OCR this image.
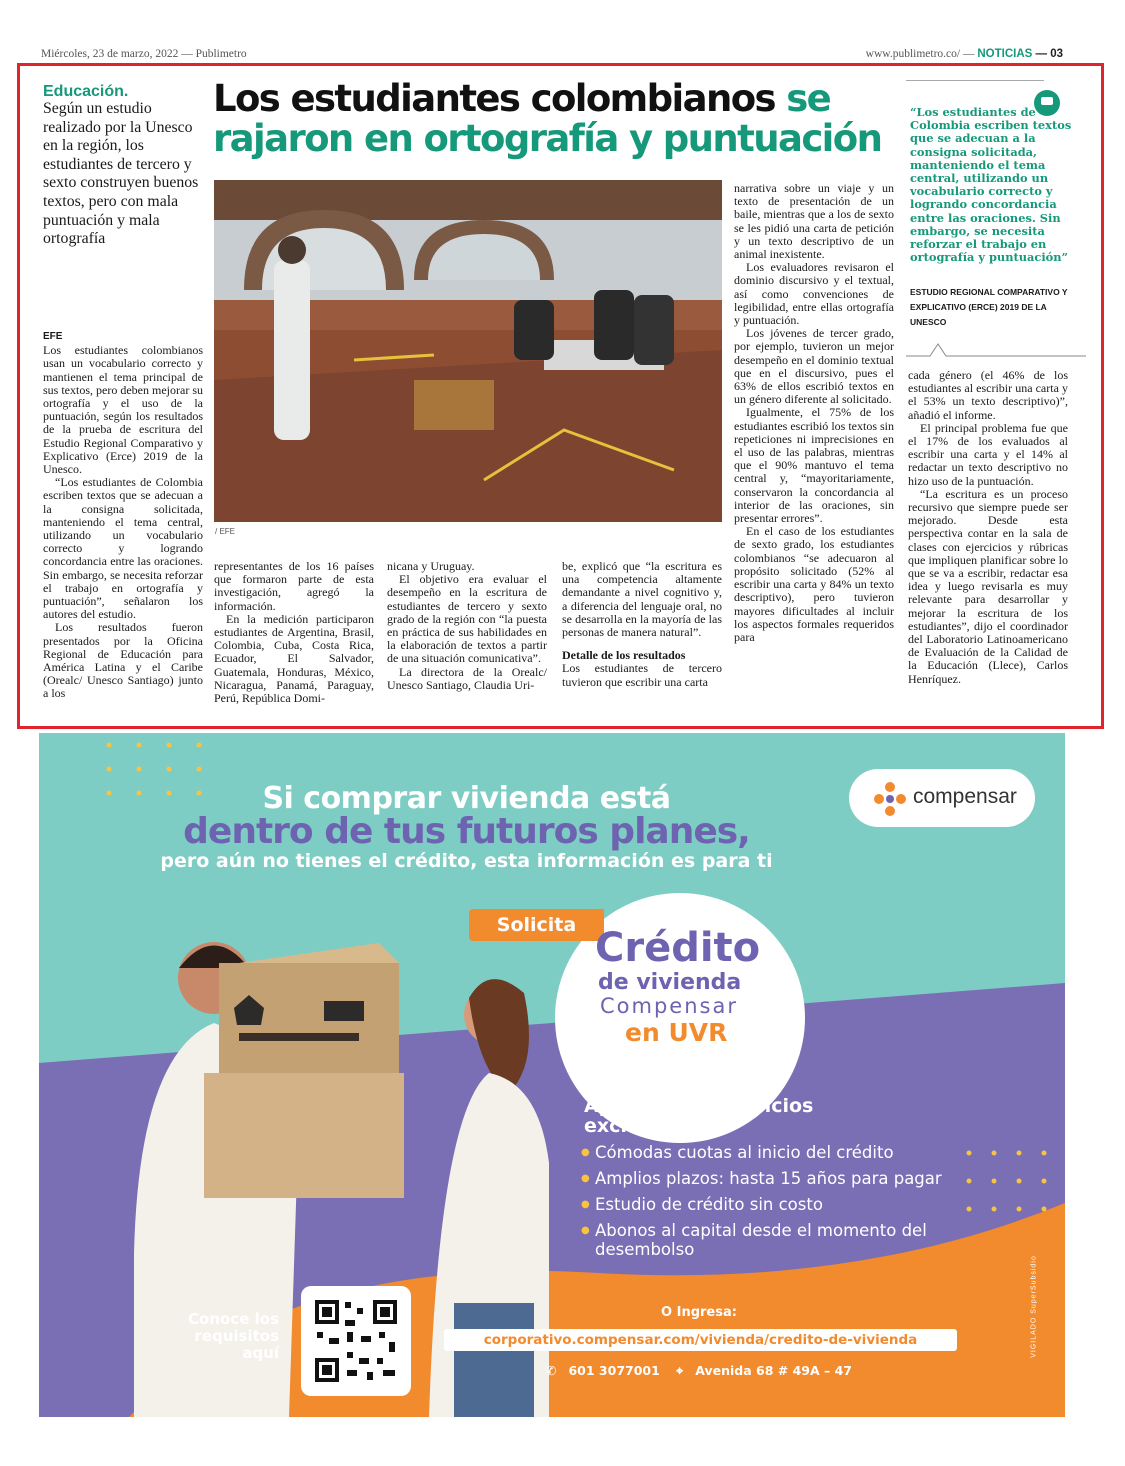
Miércoles, 23 de marzo, 2022 — Publimetro	www.publimetro.co/ — NOTICIAS — 03
Educación.
Según un estudio realizado por la Unesco en la región, los estudiantes de tercero y sexto construyen buenos textos, pero con mala puntuación y mala ortografía
Los estudiantes colombianos se
rajaron en ortografía y puntuación
/ EFE
EFE

Los estudiantes colombianos usan un vocabulario correcto y mantienen el tema principal de sus textos, pero deben mejorar su ortografía y el uso de la puntuación, según los resultados de la prueba de escritura del Estudio Regional Comparativo y Explicativo (Erce) 2019 de la Unesco.

“Los estudiantes de Colombia escriben textos que se adecuan a la consigna solicitada, manteniendo el tema central, utilizando un vocabulario correcto y logrando concordancia entre las oraciones. Sin embargo, se necesita reforzar el trabajo en ortografía y puntuación”, señalaron los autores del estudio.

Los resultados fueron presentados por la Oficina Regional de Educación para América Latina y el Caribe (Orealc/ Unesco Santiago) junto a los

representantes de los 16 países que formaron parte de esta investigación, agregó la información.

En la medición participaron estudiantes de Argentina, Brasil, Colombia, Cuba, Costa Rica, Ecuador, El Salvador, Guatemala, Honduras, México, Nicaragua, Panamá, Paraguay, Perú, República Domi-

nicana y Uruguay.

El objetivo era evaluar el desempeño en la escritura de estudiantes de tercero y sexto grado de la región con “la puesta en práctica de sus habilidades en la elaboración de textos a partir de una situación comunicativa”.

La directora de la Orealc/ Unesco Santiago, Claudia Uri-

be, explicó que “la escritura es una competencia altamente demandante a nivel cognitivo y, a diferencia del lenguaje oral, no se desarrolla en la mayoría de las personas de manera natural”.

Detalle de los resultados

Los estudiantes de tercero tuvieron que escribir una carta

narrativa sobre un viaje y un texto de presentación de un baile, mientras que a los de sexto se les pidió una carta de petición y un texto descriptivo de un animal inexistente.

Los evaluadores revisaron el dominio discursivo y el textual, así como convenciones de legibilidad, entre ellas ortografía y puntuación.

Los jóvenes de tercer grado, por ejemplo, tuvieron un mejor desempeño en el dominio textual que en el discursivo, pues el 63% de ellos escribió textos en un género diferente al solicitado.

Igualmente, el 75% de los estudiantes escribió los textos sin repeticiones ni imprecisiones en el uso de las palabras, mientras que el 90% mantuvo el tema central y, “mayoritariamente, conservaron la concordancia al interior de las oraciones, sin presentar errores”.

En el caso de los estudiantes de sexto grado, los estudiantes colombianos “se adecuaron al propósito solicitado (52% al escribir una carta y 84% un texto descriptivo), pero tuvieron mayores dificultades al incluir los aspectos formales requeridos para

cada género (el 46% de los estudiantes al escribir una carta y el 53% un texto descriptivo)”, añadió el informe.

El principal problema fue que el 17% de los evaluados al escribir una carta y el 14% al redactar un texto descriptivo no hizo uso de la puntuación.

“La escritura es un proceso recursivo que siempre puede ser mejorado. Desde esta perspectiva contar en la sala de clases con ejercicios y rúbricas que impliquen planificar sobre lo que se va a escribir, redactar esa idea y luego revisarla es muy relevante para desarrollar y mejorar la escritura de los estudiantes”, dijo el coordinador del Laboratorio Latinoamericano de Evaluación de la Calidad de la Educación (Llece), Carlos Henríquez.

“Los estudiantes de Colombia escriben textos que se adecuan a la consigna solicitada, manteniendo el tema central, utilizando un vocabulario correcto y logrando concordancia entre las oraciones. Sin embargo, se necesita reforzar el trabajo en ortografía y puntuación”
ESTUDIO REGIONAL COMPARATIVO Y EXPLICATIVO (ERCE) 2019 DE LA UNESCO
Si comprar vivienda está
dentro de tus futuros planes,
pero aún no tienes el crédito, esta información es para ti
compensar
Solicita Crédito
de vivienda
Compensar
en UVR
Aprovecha beneficios exclusivos:
● Cómodas cuotas al inicio del crédito
● Amplios plazos: hasta 15 años para pagar
● Estudio de crédito sin costo
● Abonos al capital desde el momento del desembolso
Conoce los requisitos aquí
O Ingresa:
corporativo.compensar.com/vivienda/credito-de-vivienda
✆ 601 3077001 ⌖ Avenida 68 # 49A – 47
VIGILADO SuperSubsidio
